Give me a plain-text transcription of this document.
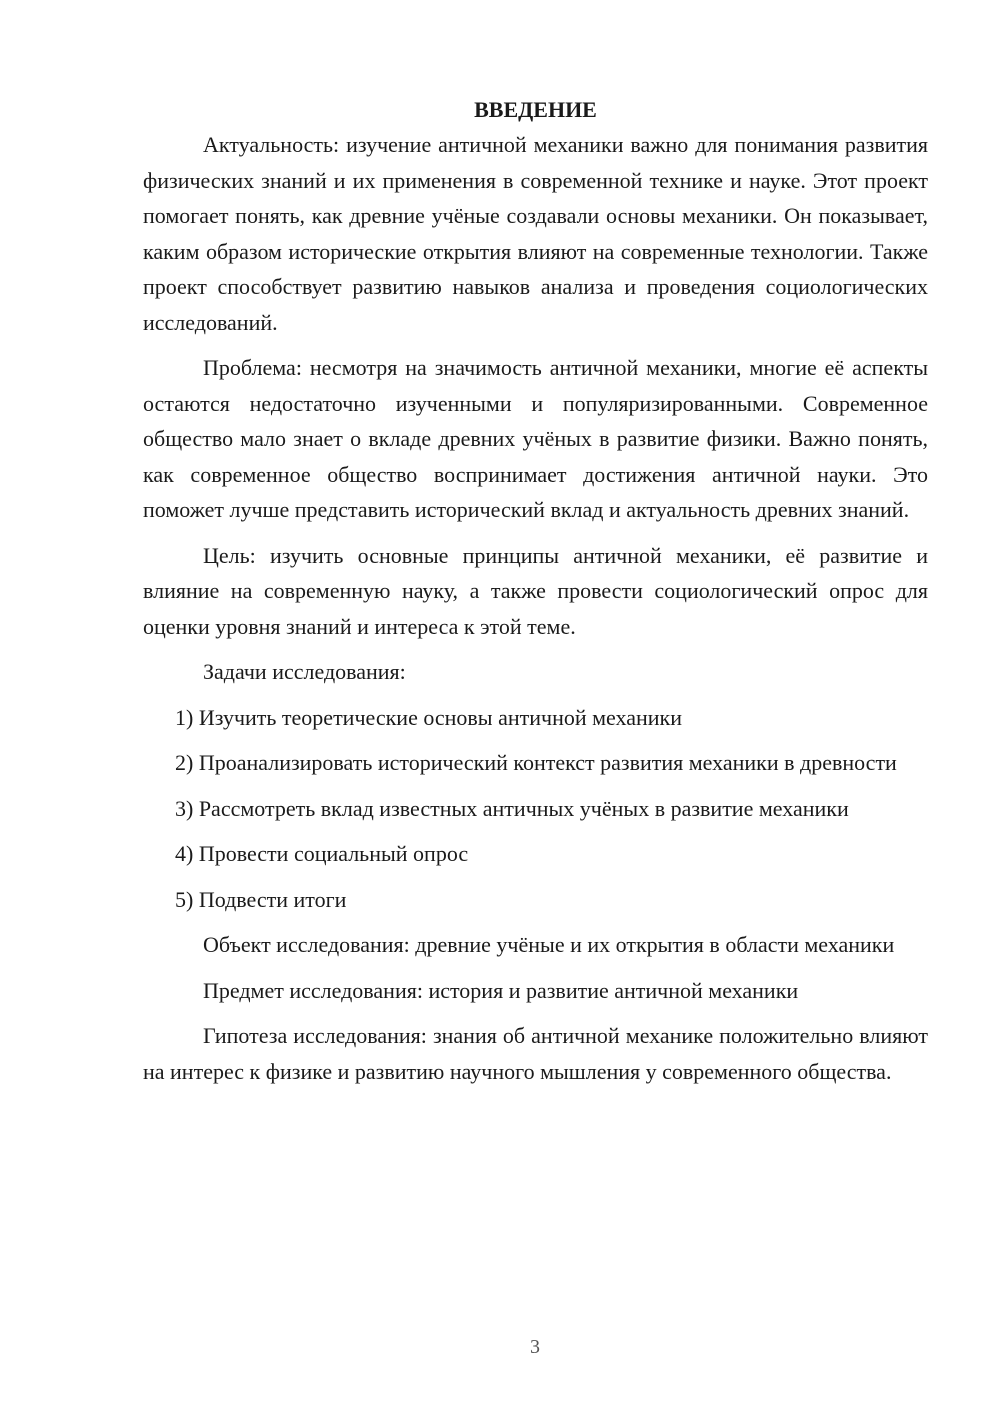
ВВЕДЕНИЕ

Актуальность: изучение античной механики важно для понимания развития физических знаний и их применения в современной технике и науке. Этот проект помогает понять, как древние учёные создавали основы механики. Он показывает, каким образом исторические открытия влияют на современные технологии. Также проект способствует развитию навыков анализа и проведения социологических исследований.

Проблема: несмотря на значимость античной механики, многие её аспекты остаются недостаточно изученными и популяризированными. Современное общество мало знает о вкладе древних учёных в развитие физики. Важно понять, как современное общество воспринимает достижения античной науки. Это поможет лучше представить исторический вклад и актуальность древних знаний.

Цель: изучить основные принципы античной механики, её развитие и влияние на современную науку, а также провести социологический опрос для оценки уровня знаний и интереса к этой теме.

Задачи исследования:

1) Изучить теоретические основы античной механики

2) Проанализировать исторический контекст развития механики в древности

3) Рассмотреть вклад известных античных учёных в развитие механики

4) Провести социальный опрос

5) Подвести итоги

Объект исследования: древние учёные и их открытия в области механики

Предмет исследования: история и развитие античной механики

Гипотеза исследования: знания об античной механике положительно влияют на интерес к физике и развитию научного мышления у современного общества.

3
